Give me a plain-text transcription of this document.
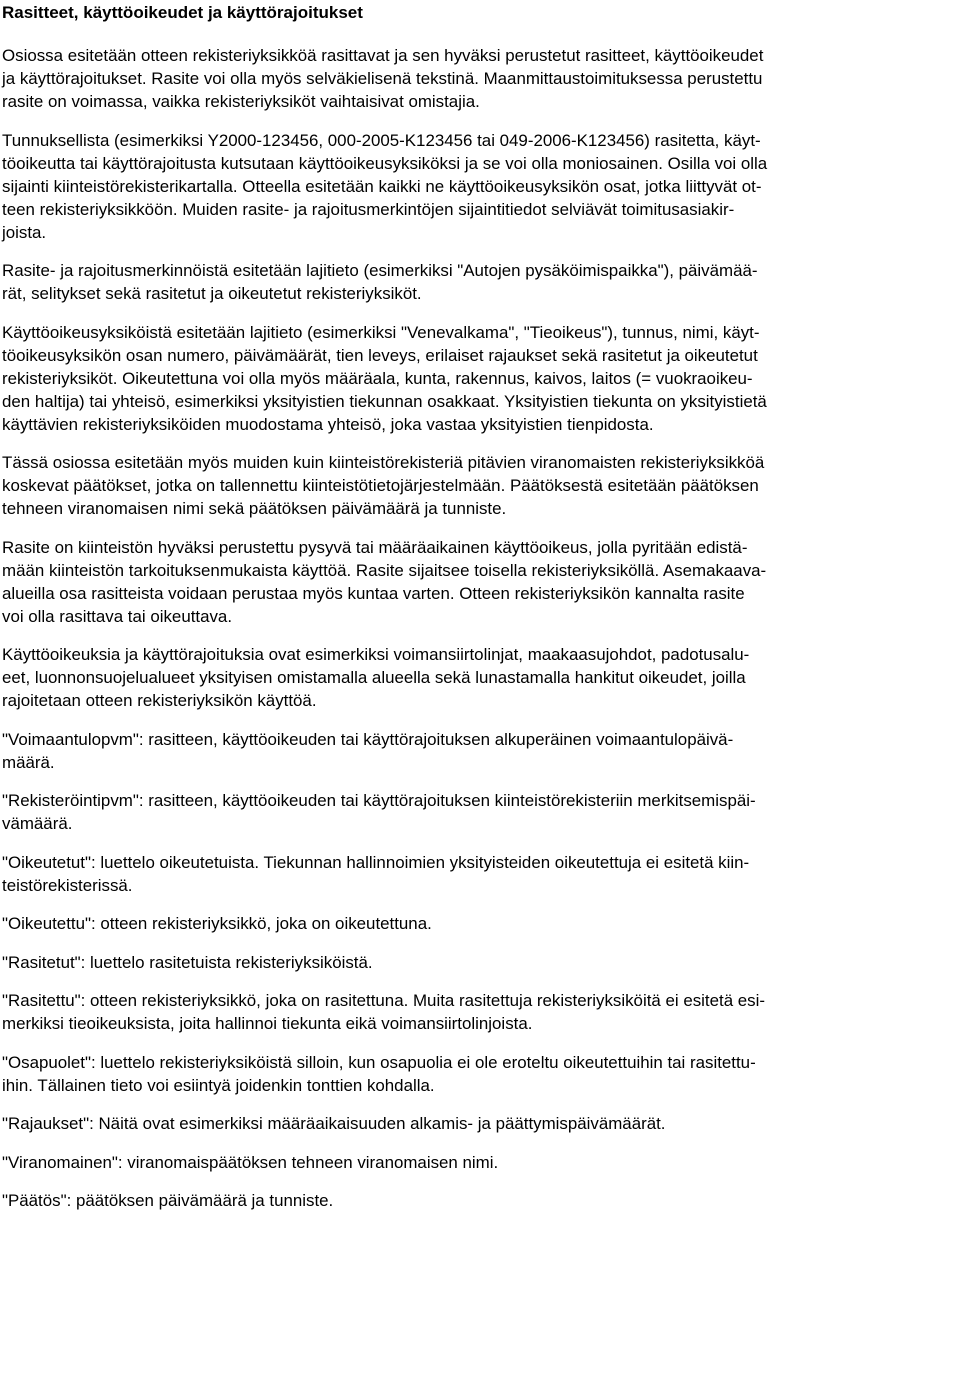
Rasitteet, käyttöoikeudet ja käyttörajoitukset

Osiossa esitetään otteen rekisteriyksikköä rasittavat ja sen hyväksi perustetut rasitteet, käyttöoikeudet
ja käyttörajoitukset. Rasite voi olla myös selväkielisenä tekstinä. Maanmittaustoimituksessa perustettu
rasite on voimassa, vaikka rekisteriyksiköt vaihtaisivat omistajia.

Tunnuksellista (esimerkiksi Y2000-123456, 000-2005-K123456 tai 049-2006-K123456) rasitetta, käyt-
töoikeutta tai käyttörajoitusta kutsutaan käyttöoikeusyksiköksi ja se voi olla moniosainen. Osilla voi olla
sijainti kiinteistörekisterikartalla. Otteella esitetään kaikki ne käyttöoikeusyksikön osat, jotka liittyvät ot-
teen rekisteriyksikköön. Muiden rasite- ja rajoitusmerkintöjen sijaintitiedot selviävät toimitusasiakir-
joista.

Rasite- ja rajoitusmerkinnöistä esitetään lajitieto (esimerkiksi "Autojen pysäköimispaikka"), päivämää-
rät, selitykset sekä rasitetut ja oikeutetut rekisteriyksiköt.

Käyttöoikeusyksiköistä esitetään lajitieto (esimerkiksi "Venevalkama", "Tieoikeus"), tunnus, nimi, käyt-
töoikeusyksikön osan numero, päivämäärät, tien leveys, erilaiset rajaukset sekä rasitetut ja oikeutetut
rekisteriyksiköt. Oikeutettuna voi olla myös määräala, kunta, rakennus, kaivos, laitos (= vuokraoikeu-
den haltija) tai yhteisö, esimerkiksi yksityistien tiekunnan osakkaat. Yksityistien tiekunta on yksityistietä
käyttävien rekisteriyksiköiden muodostama yhteisö, joka vastaa yksityistien tienpidosta.

Tässä osiossa esitetään myös muiden kuin kiinteistörekisteriä pitävien viranomaisten rekisteriyksikköä
koskevat päätökset, jotka on tallennettu kiinteistötietojärjestelmään. Päätöksestä esitetään päätöksen
tehneen viranomaisen nimi sekä päätöksen päivämäärä ja tunniste.

Rasite on kiinteistön hyväksi perustettu pysyvä tai määräaikainen käyttöoikeus, jolla pyritään edistä-
mään kiinteistön tarkoituksenmukaista käyttöä. Rasite sijaitsee toisella rekisteriyksiköllä. Asemakaava-
alueilla osa rasitteista voidaan perustaa myös kuntaa varten. Otteen rekisteriyksikön kannalta rasite
voi olla rasittava tai oikeuttava.

Käyttöoikeuksia ja käyttörajoituksia ovat esimerkiksi voimansiirtolinjat, maakaasujohdot, padotusalu-
eet, luonnonsuojelualueet yksityisen omistamalla alueella sekä lunastamalla hankitut oikeudet, joilla
rajoitetaan otteen rekisteriyksikön käyttöä.

"Voimaantulopvm": rasitteen, käyttöoikeuden tai käyttörajoituksen alkuperäinen voimaantulopäivä-
määrä.

"Rekisteröintipvm": rasitteen, käyttöoikeuden tai käyttörajoituksen kiinteistörekisteriin merkitsemispäi-
vämäärä.

"Oikeutetut": luettelo oikeutetuista. Tiekunnan hallinnoimien yksityisteiden oikeutettuja ei esitetä kiin-
teistörekisterissä.

"Oikeutettu": otteen rekisteriyksikkö, joka on oikeutettuna.

"Rasitetut": luettelo rasitetuista rekisteriyksiköistä.

"Rasitettu": otteen rekisteriyksikkö, joka on rasitettuna. Muita rasitettuja rekisteriyksiköitä ei esitetä esi-
merkiksi tieoikeuksista, joita hallinnoi tiekunta eikä voimansiirtolinjoista.

"Osapuolet": luettelo rekisteriyksiköistä silloin, kun osapuolia ei ole eroteltu oikeutettuihin tai rasitettu-
ihin. Tällainen tieto voi esiintyä joidenkin tonttien kohdalla.

"Rajaukset": Näitä ovat esimerkiksi määräaikaisuuden alkamis- ja päättymispäivämäärät.

"Viranomainen": viranomaispäätöksen tehneen viranomaisen nimi.

"Päätös": päätöksen päivämäärä ja tunniste.
